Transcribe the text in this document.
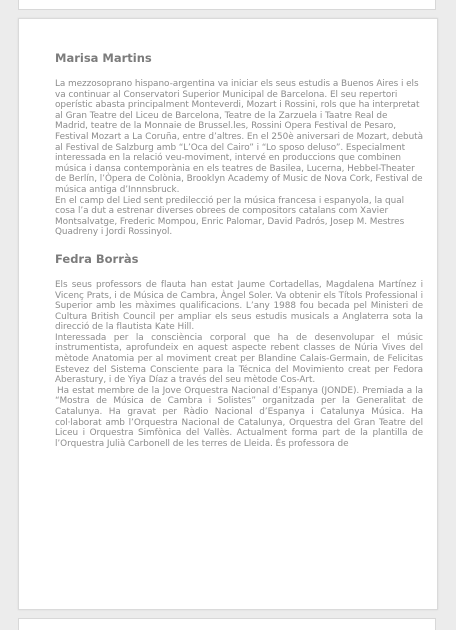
Marisa Martins

La mezzosoprano hispano-argentina va iniciar els seus estudis a Buenos Aires i els va continuar al Conservatori Superior Municipal de Barcelona. El seu repertori operístic abasta principalment Monteverdi, Mozart i Rossini, rols que ha interpretat al Gran Teatre del Liceu de Barcelona, Teatre de la Zarzuela i Taatre Real de Madrid, teatre de la Monnaie de Brussel.les, Rossini Opera Festival de Pesaro, Festival Mozart a La Coruña, entre d’altres. En el 250è aniversari de Mozart, debutà al Festival de Salzburg amb “L’Oca del Cairo” i “Lo sposo deluso”. Especialment interessada en la relació veu-moviment, intervé en produccions que combinen música i dansa contemporània en els teatres de Basilea, Lucerna, Hebbel-Theater de Berlín, l’Òpera de Colònia, Brooklyn Academy of Music de Nova Cork, Festival de música antiga d’Innnsbruck.

En el camp del Lied sent predilecció per la música francesa i espanyola, la qual cosa l’a dut a estrenar diverses obrees de compositors catalans com Xavier Montsalvatge, Frederic Mompou, Enric Palomar, David Padrós, Josep M. Mestres Quadreny i Jordi Rossinyol.

Fedra Borràs

Els seus professors de flauta han estat Jaume Cortadellas, Magdalena Martínez i Vicenç Prats, i de Música de Cambra, Àngel Soler. Va obtenir els Títols Professional i Superior amb les màximes qualificacions. L’any 1988 fou becada pel Ministeri de Cultura British Council per ampliar els seus estudis musicals a Anglaterra sota la direcció de la flautista Kate Hill.

Interessada per la consciència corporal que ha de desenvolupar el músic instrumentista, aprofundeix en aquest aspecte rebent classes de Núria Vives del mètode Anatomia per al moviment creat per Blandine Calais-Germain, de Felicitas Estevez del Sistema Consciente para la Técnica del Movimiento creat per Fedora Aberastury, i de Yiya Díaz a través del seu mètode Cos-Art.

Ha estat membre de la Jove Orquestra Nacional d’Espanya (JONDE). Premiada a la “Mostra de Música de Cambra i Solistes” organitzada per la Generalitat de Catalunya. Ha gravat per Ràdio Nacional d’Espanya i Catalunya Música. Ha col·laborat amb l’Orquestra Nacional de Catalunya, Orquestra del Gran Teatre del Liceu i Orquestra Simfònica del Vallès. Actualment forma part de la plantilla de l’Orquestra Julià Carbonell de les terres de Lleida. És professora de
